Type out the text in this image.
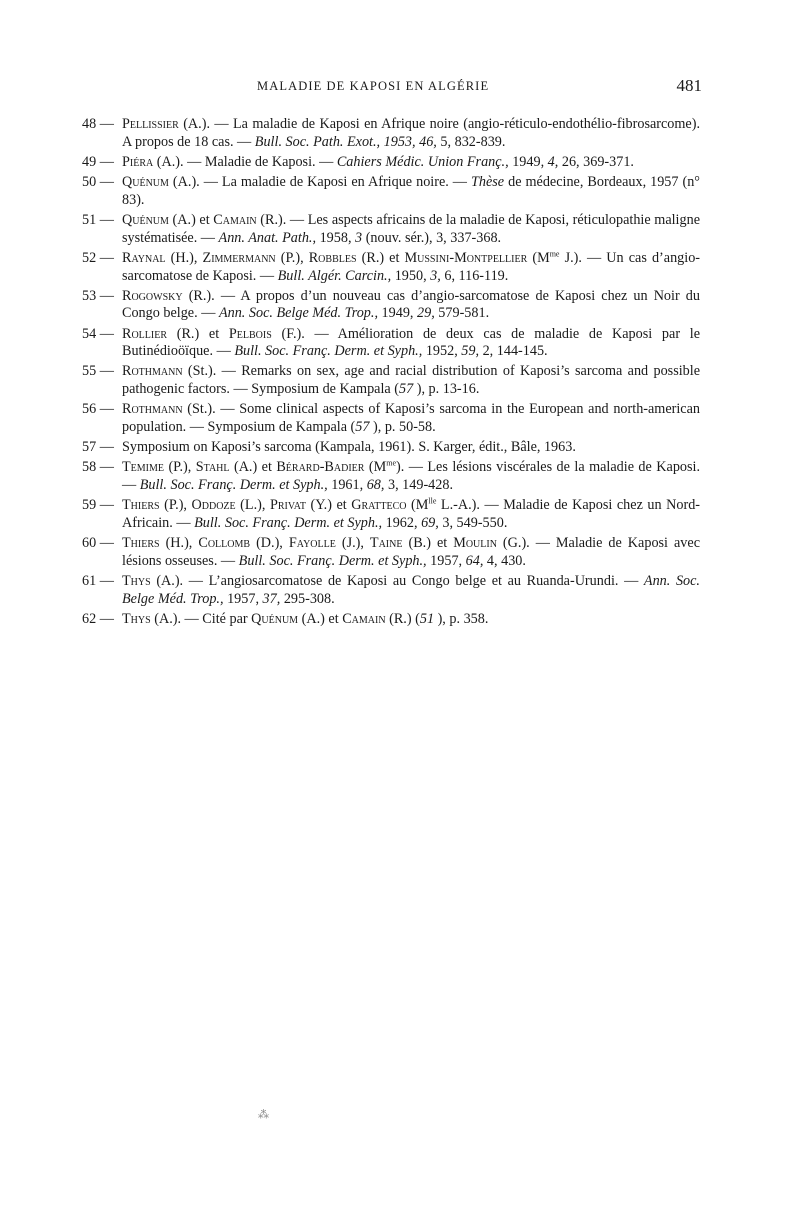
MALADIE DE KAPOSI EN ALGÉRIE	481
48 — Pellissier (A.). — La maladie de Kaposi en Afrique noire (angio-réticulo-endothélio-fibrosarcome). A propos de 18 cas. — Bull. Soc. Path. Exot., 1953, 46, 5, 832-839.
49 — Piéra (A.). — Maladie de Kaposi. — Cahiers Médic. Union Franç., 1949, 4, 26, 369-371.
50 — Quénum (A.). — La maladie de Kaposi en Afrique noire. — Thèse de médecine, Bordeaux, 1957 (n° 83).
51 — Quénum (A.) et Camain (R.). — Les aspects africains de la maladie de Kaposi, réticulopathie maligne systématisée. — Ann. Anat. Path., 1958, 3 (nouv. sér.), 3, 337-368.
52 — Raynal (H.), Zimmermann (P.), Robbles (R.) et Mussini-Montpellier ($M^{me}$ J.). — Un cas d’angio-sarcomatose de Kaposi. — Bull. Algér. Carcin., 1950, 3, 6, 116-119.
53 — Rogowsky (R.). — A propos d’un nouveau cas d’angio-sarcomatose de Kaposi chez un Noir du Congo belge. — Ann. Soc. Belge Méd. Trop., 1949, 29, 579-581.
54 — Rollier (R.) et Pelbois (F.). — Amélioration de deux cas de maladie de Kaposi par le Butinédioöïque. — Bull. Soc. Franç. Derm. et Syph., 1952, 59, 2, 144-145.
55 — Rothmann (St.). — Remarks on sex, age and racial distribution of Kaposi’s sarcoma and possible pathogenic factors. — Symposium de Kampala (57 ), p. 13-16.
56 — Rothmann (St.). — Some clinical aspects of Kaposi’s sarcoma in the European and north-american population. — Symposium de Kampala (57 ), p. 50-58.
57 — Symposium on Kaposi’s sarcoma (Kampala, 1961). S. Karger, édit., Bâle, 1963.
58 — Temime (P.), Stahl (A.) et Bérard-Badier $(M^{me})$. — Les lésions viscérales de la maladie de Kaposi. — Bull. Soc. Franç. Derm. et Syph., 1961, 68, 3, 149-428.
59 — Thiers (P.), Oddoze (L.), Privat (Y.) et Gratteco ($M^{lle}$ L.-A.). — Maladie de Kaposi chez un Nord-Africain. — Bull. Soc. Franç. Derm. et Syph., 1962, 69, 3, 549-550.
60 — Thiers (H.), Collomb (D.), Fayolle (J.), Taine (B.) et Moulin (G.). — Maladie de Kaposi avec lésions osseuses. — Bull. Soc. Franç. Derm. et Syph., 1957, 64, 4, 430.
61 — Thys (A.). — L’angiosarcomatose de Kaposi au Congo belge et au Ruanda-Urundi. — Ann. Soc. Belge Méd. Trop., 1957, 37, 295-308.
62 — Thys (A.). — Cité par Quénum (A.) et Camain (R.) (51 ), p. 358.
⁂
